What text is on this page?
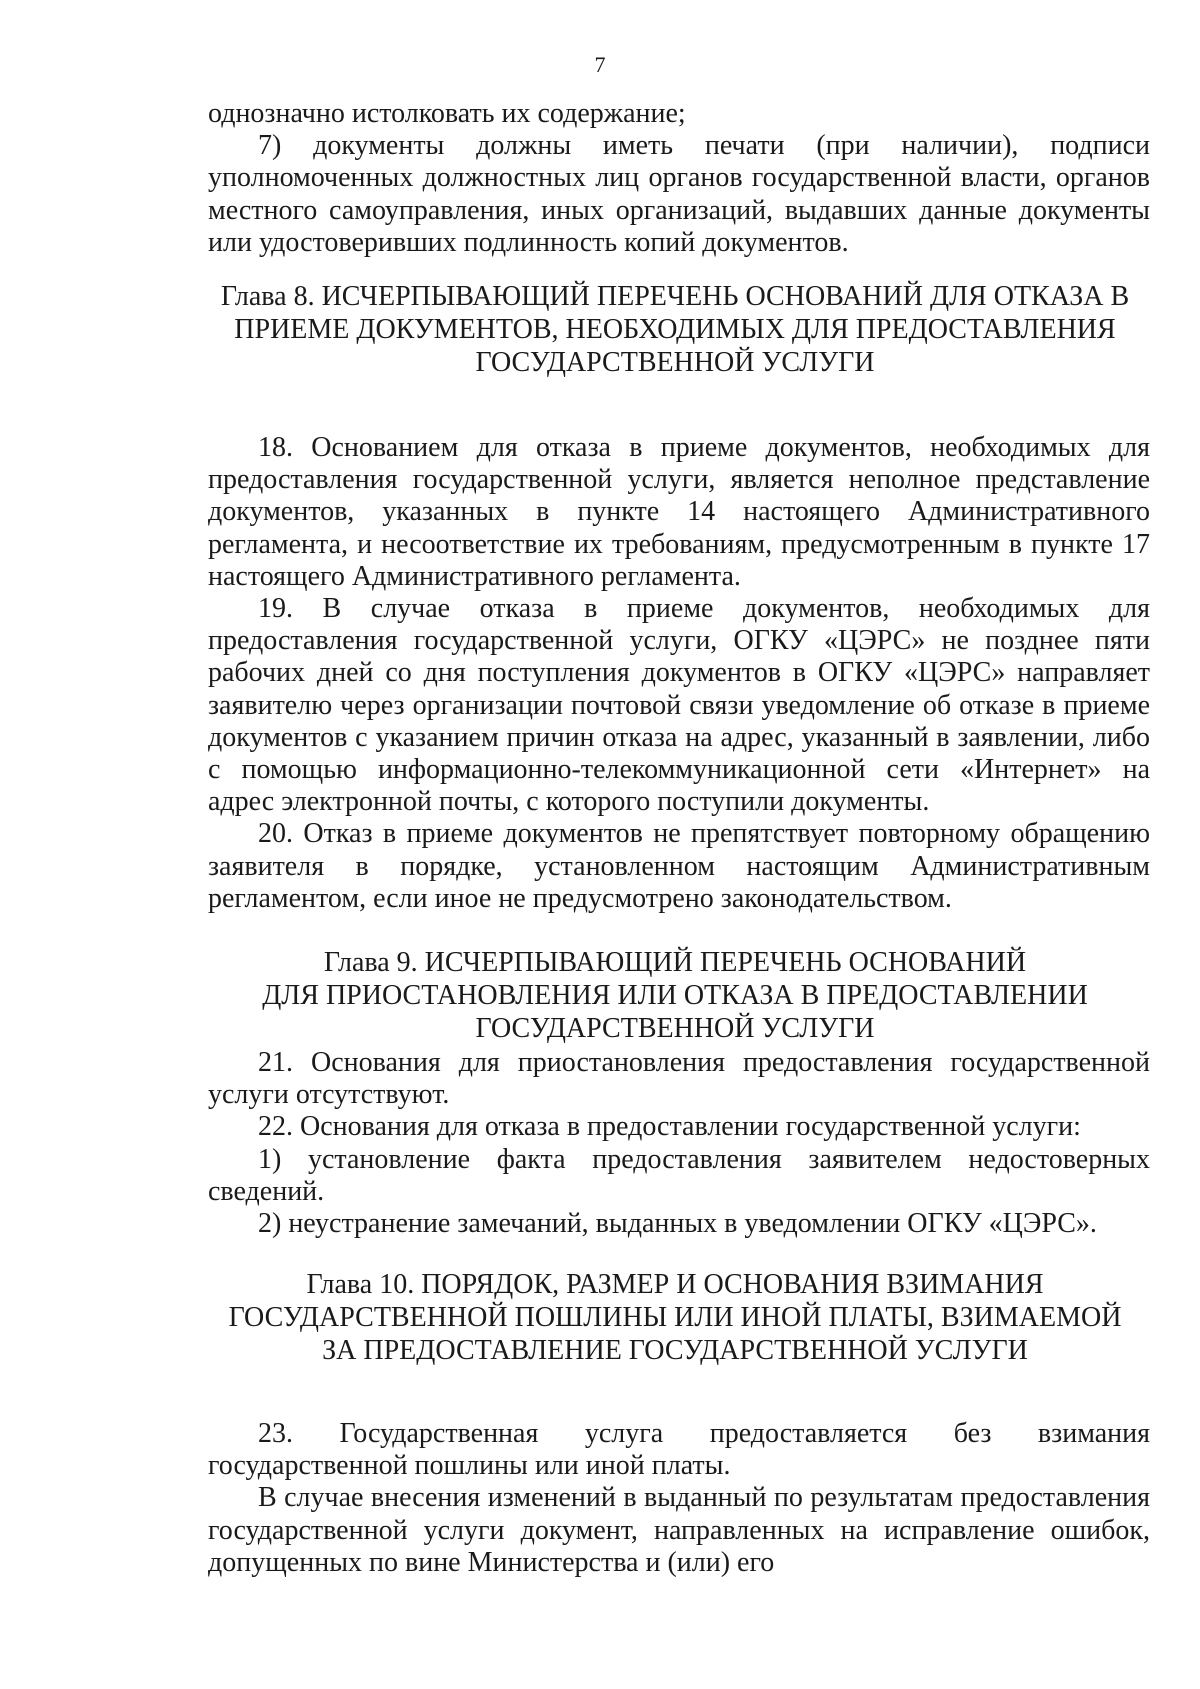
7

однозначно истолковать их содержание;

7) документы должны иметь печати (при наличии), подписи уполномоченных должностных лиц органов государственной власти, органов местного самоуправления, иных организаций, выдавших данные документы или удостоверивших подлинность копий документов.

Глава 8. ИСЧЕРПЫВАЮЩИЙ ПЕРЕЧЕНЬ ОСНОВАНИЙ ДЛЯ ОТКАЗА В

ПРИЕМЕ ДОКУМЕНТОВ, НЕОБХОДИМЫХ ДЛЯ ПРЕДОСТАВЛЕНИЯ

ГОСУДАРСТВЕННОЙ УСЛУГИ

18. Основанием для отказа в приеме документов, необходимых для предоставления государственной услуги, является неполное представление документов, указанных в пункте 14 настоящего Административного регламента, и несоответствие их требованиям, предусмотренным в пункте 17 настоящего Административного регламента.

19. В случае отказа в приеме документов, необходимых для предоставления государственной услуги, ОГКУ «ЦЭРС» не позднее пяти рабочих дней со дня поступления документов в ОГКУ «ЦЭРС» направляет заявителю через организации почтовой связи уведомление об отказе в приеме документов с указанием причин отказа на адрес, указанный в заявлении, либо с помощью информационно-телекоммуникационной сети «Интернет» на адрес электронной почты, с которого поступили документы.

20. Отказ в приеме документов не препятствует повторному обращению заявителя в порядке, установленном настоящим Административным регламентом, если иное не предусмотрено законодательством.

Глава 9. ИСЧЕРПЫВАЮЩИЙ ПЕРЕЧЕНЬ ОСНОВАНИЙ

ДЛЯ ПРИОСТАНОВЛЕНИЯ ИЛИ ОТКАЗА В ПРЕДОСТАВЛЕНИИ

ГОСУДАРСТВЕННОЙ УСЛУГИ

21. Основания для приостановления предоставления государственной услуги отсутствуют.

22. Основания для отказа в предоставлении государственной услуги:

1) установление факта предоставления заявителем недостоверных сведений.

2) неустранение замечаний, выданных в уведомлении ОГКУ «ЦЭРС».

Глава 10. ПОРЯДОК, РАЗМЕР И ОСНОВАНИЯ ВЗИМАНИЯ

ГОСУДАРСТВЕННОЙ ПОШЛИНЫ ИЛИ ИНОЙ ПЛАТЫ, ВЗИМАЕМОЙ

ЗА ПРЕДОСТАВЛЕНИЕ ГОСУДАРСТВЕННОЙ УСЛУГИ

23. Государственная услуга предоставляется без взимания государственной пошлины или иной платы.

В случае внесения изменений в выданный по результатам предоставления государственной услуги документ, направленных на исправление ошибок, допущенных по вине Министерства и (или) его
